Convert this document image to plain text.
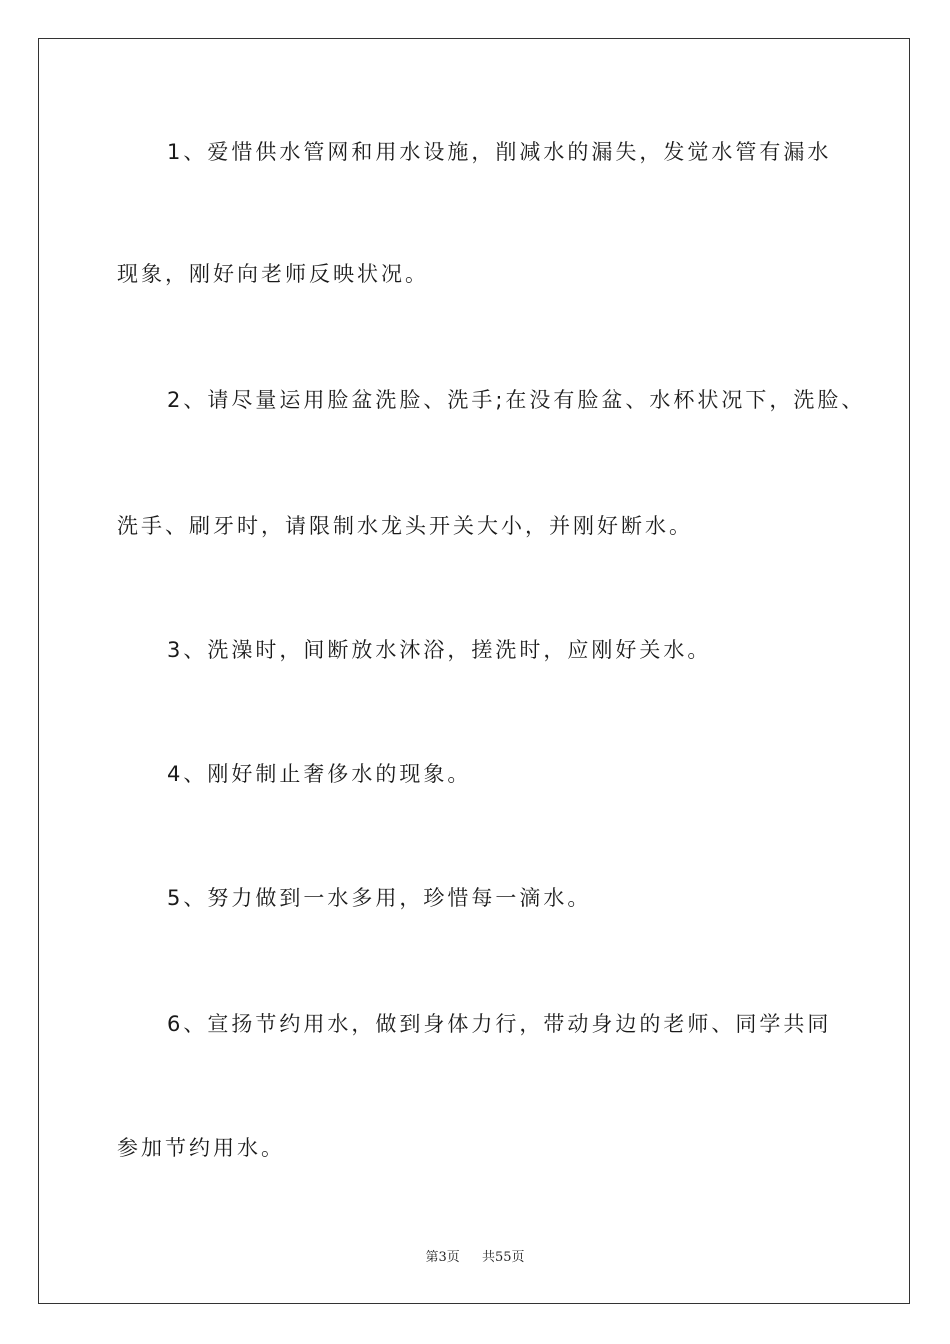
1、爱惜供水管网和用水设施，削减水的漏失，发觉水管有漏水
现象，刚好向老师反映状况。
2、请尽量运用脸盆洗脸、洗手;在没有脸盆、水杯状况下，洗脸、
洗手、刷牙时，请限制水龙头开关大小，并刚好断水。
3、洗澡时，间断放水沐浴，搓洗时，应刚好关水。
4、刚好制止奢侈水的现象。
5、努力做到一水多用，珍惜每一滴水。
6、宣扬节约用水，做到身体力行，带动身边的老师、同学共同
参加节约用水。
第3页 共55页
